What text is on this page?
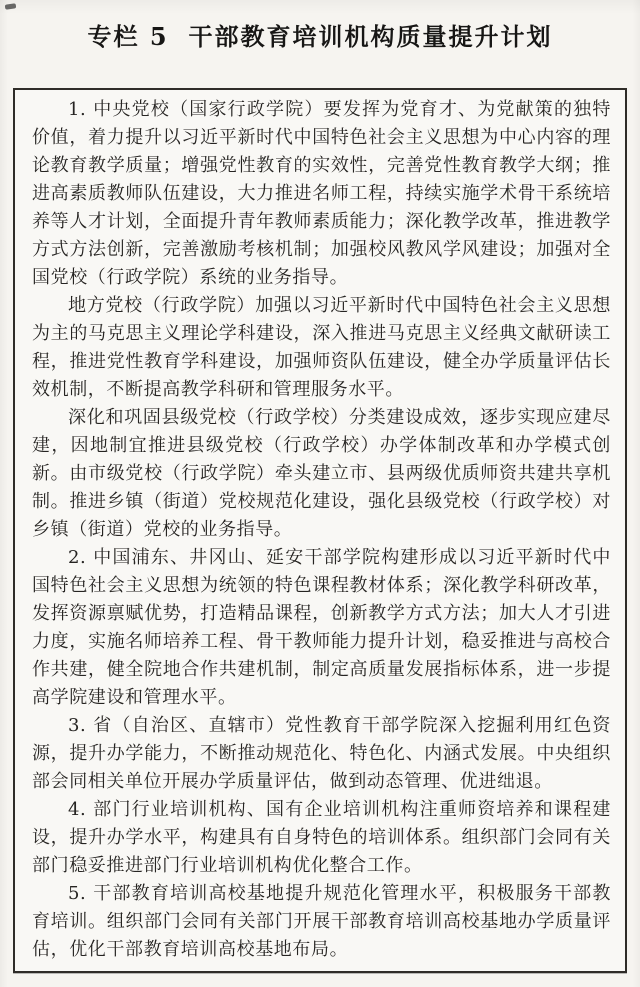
专栏 5 干部教育培训机构质量提升计划

1. 中央党校（国家行政学院）要发挥为党育才、为党献策的独特价值，着力提升以习近平新时代中国特色社会主义思想为中心内容的理论教育教学质量；增强党性教育的实效性，完善党性教育教学大纲；推进高素质教师队伍建设，大力推进名师工程，持续实施学术骨干系统培养等人才计划，全面提升青年教师素质能力；深化教学改革，推进教学方式方法创新，完善激励考核机制；加强校风教风学风建设；加强对全国党校（行政学院）系统的业务指导。

地方党校（行政学院）加强以习近平新时代中国特色社会主义思想为主的马克思主义理论学科建设，深入推进马克思主义经典文献研读工程，推进党性教育学科建设，加强师资队伍建设，健全办学质量评估长效机制，不断提高教学科研和管理服务水平。

深化和巩固县级党校（行政学校）分类建设成效，逐步实现应建尽建，因地制宜推进县级党校（行政学校）办学体制改革和办学模式创新。由市级党校（行政学院）牵头建立市、县两级优质师资共建共享机制。推进乡镇（街道）党校规范化建设，强化县级党校（行政学校）对乡镇（街道）党校的业务指导。

2. 中国浦东、井冈山、延安干部学院构建形成以习近平新时代中国特色社会主义思想为统领的特色课程教材体系；深化教学科研改革，发挥资源禀赋优势，打造精品课程，创新教学方式方法；加大人才引进力度，实施名师培养工程、骨干教师能力提升计划，稳妥推进与高校合作共建，健全院地合作共建机制，制定高质量发展指标体系，进一步提高学院建设和管理水平。

3. 省（自治区、直辖市）党性教育干部学院深入挖掘利用红色资源，提升办学能力，不断推动规范化、特色化、内涵式发展。中央组织部会同相关单位开展办学质量评估，做到动态管理、优进绌退。

4. 部门行业培训机构、国有企业培训机构注重师资培养和课程建设，提升办学水平，构建具有自身特色的培训体系。组织部门会同有关部门稳妥推进部门行业培训机构优化整合工作。

5. 干部教育培训高校基地提升规范化管理水平，积极服务干部教育培训。组织部门会同有关部门开展干部教育培训高校基地办学质量评估，优化干部教育培训高校基地布局。
